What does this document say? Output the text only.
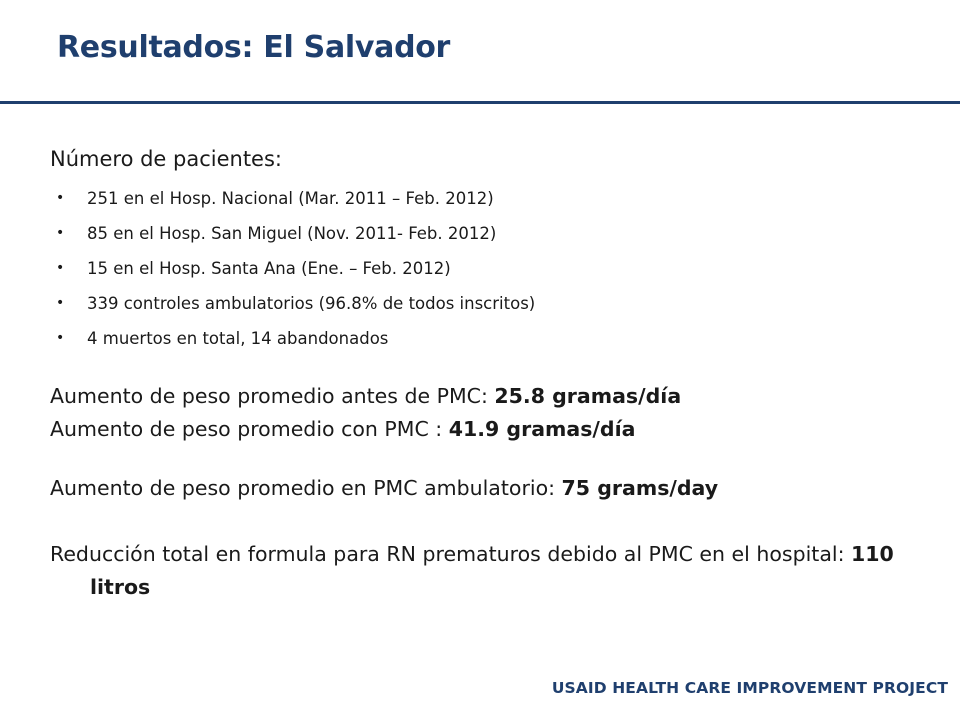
Resultados: El Salvador

Número de pacientes:

• 251 en el Hosp. Nacional (Mar. 2011 – Feb. 2012)
• 85 en el Hosp. San Miguel (Nov. 2011- Feb. 2012)
• 15 en el Hosp. Santa Ana (Ene. – Feb. 2012)
• 339 controles ambulatorios (96.8% de todos inscritos)
• 4 muertos en total, 14 abandonados

Aumento de peso promedio antes de PMC: 25.8 gramas/día

Aumento de peso promedio con PMC : 41.9 gramas/día

Aumento de peso promedio en PMC ambulatorio: 75 grams/day

Reducción total en formula para RN prematuros debido al PMC en el hospital: 110 litros

USAID HEALTH CARE IMPROVEMENT PROJECT
